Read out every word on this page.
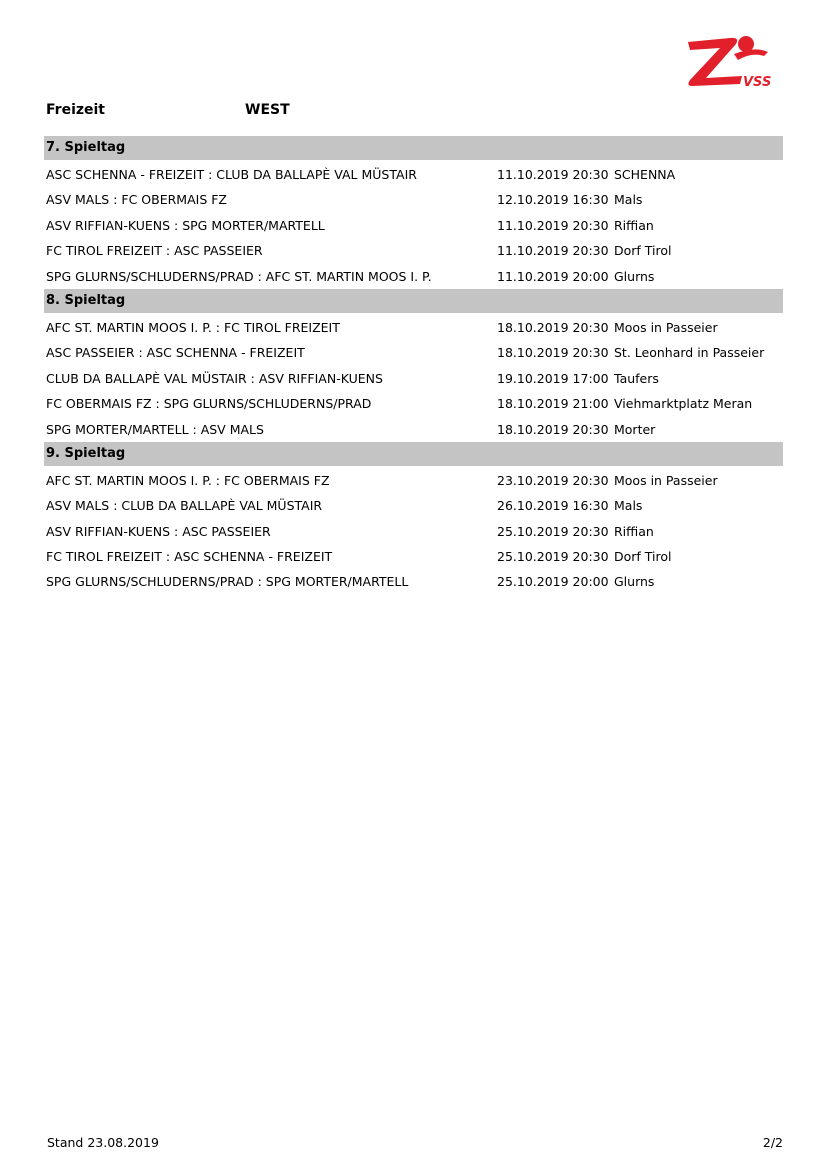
VSS
Freizeit	WEST
7. Spieltag
ASC SCHENNA - FREIZEIT : CLUB DA BALLAPÈ VAL MÜSTAIR	11.10.2019 20:30 SCHENNA
ASV MALS : FC OBERMAIS FZ	12.10.2019 16:30 Mals
ASV RIFFIAN-KUENS : SPG MORTER/MARTELL	11.10.2019 20:30 Riffian
FC TIROL FREIZEIT : ASC PASSEIER	11.10.2019 20:30 Dorf Tirol
SPG GLURNS/SCHLUDERNS/PRAD : AFC ST. MARTIN MOOS I. P.	11.10.2019 20:00 Glurns
8. Spieltag
AFC ST. MARTIN MOOS I. P. : FC TIROL FREIZEIT	18.10.2019 20:30 Moos in Passeier
ASC PASSEIER : ASC SCHENNA - FREIZEIT	18.10.2019 20:30 St. Leonhard in Passeier
CLUB DA BALLAPÈ VAL MÜSTAIR : ASV RIFFIAN-KUENS	19.10.2019 17:00 Taufers
FC OBERMAIS FZ : SPG GLURNS/SCHLUDERNS/PRAD	18.10.2019 21:00 Viehmarktplatz Meran
SPG MORTER/MARTELL : ASV MALS	18.10.2019 20:30 Morter
9. Spieltag
AFC ST. MARTIN MOOS I. P. : FC OBERMAIS FZ	23.10.2019 20:30 Moos in Passeier
ASV MALS : CLUB DA BALLAPÈ VAL MÜSTAIR	26.10.2019 16:30 Mals
ASV RIFFIAN-KUENS : ASC PASSEIER	25.10.2019 20:30 Riffian
FC TIROL FREIZEIT : ASC SCHENNA - FREIZEIT	25.10.2019 20:30 Dorf Tirol
SPG GLURNS/SCHLUDERNS/PRAD : SPG MORTER/MARTELL	25.10.2019 20:00 Glurns
Stand 23.08.2019	2/2
